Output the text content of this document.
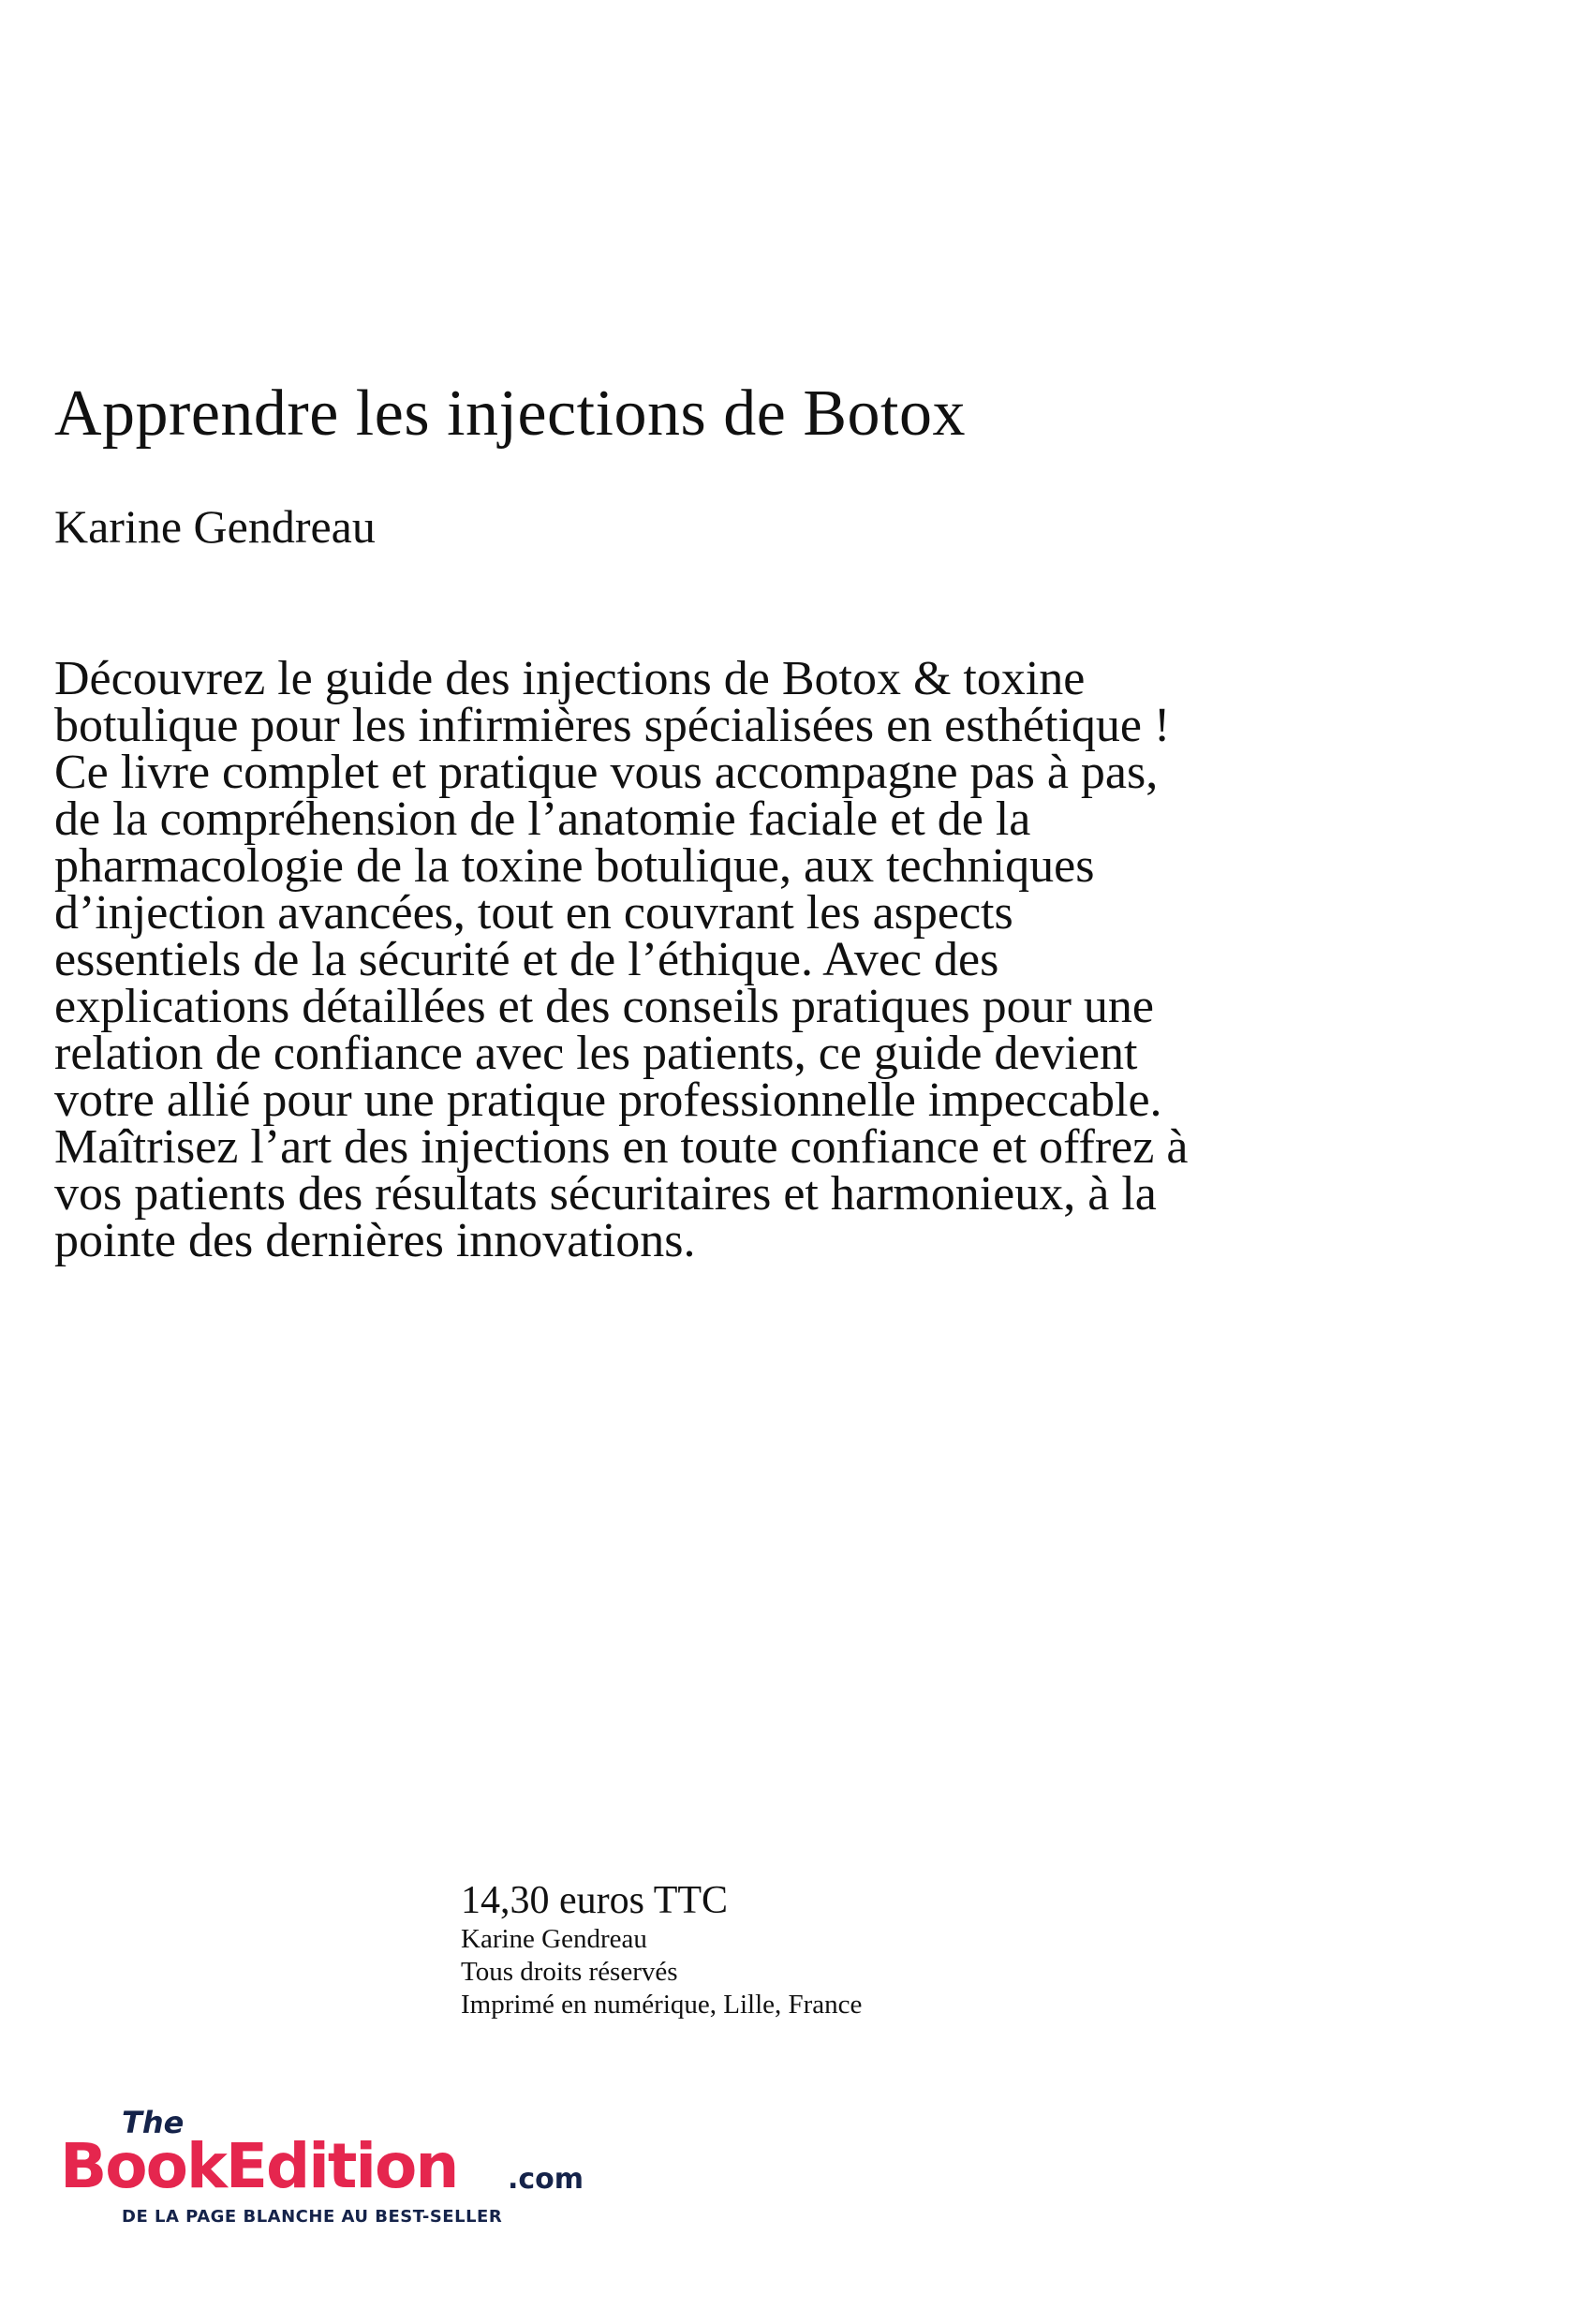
Apprendre les injections de Botox
Karine Gendreau

Découvrez le guide des injections de Botox & toxine botulique pour les infirmières spécialisées en esthétique ! Ce livre complet et pratique vous accompagne pas à pas, de la compréhension de l’anatomie faciale et de la pharmacologie de la toxine botulique, aux techniques d’injection avancées, tout en couvrant les aspects essentiels de la sécurité et de l’éthique. Avec des explications détaillées et des conseils pratiques pour une relation de confiance avec les patients, ce guide devient votre allié pour une pratique professionnelle impeccable. Maîtrisez l’art des injections en toute confiance et offrez à vos patients des résultats sécuritaires et harmonieux, à la pointe des dernières innovations.

14,30 euros TTC
Karine Gendreau
Tous droits réservés
Imprimé en numérique, Lille, France
The
BookEdition .com
DE LA PAGE BLANCHE AU BEST-SELLER
